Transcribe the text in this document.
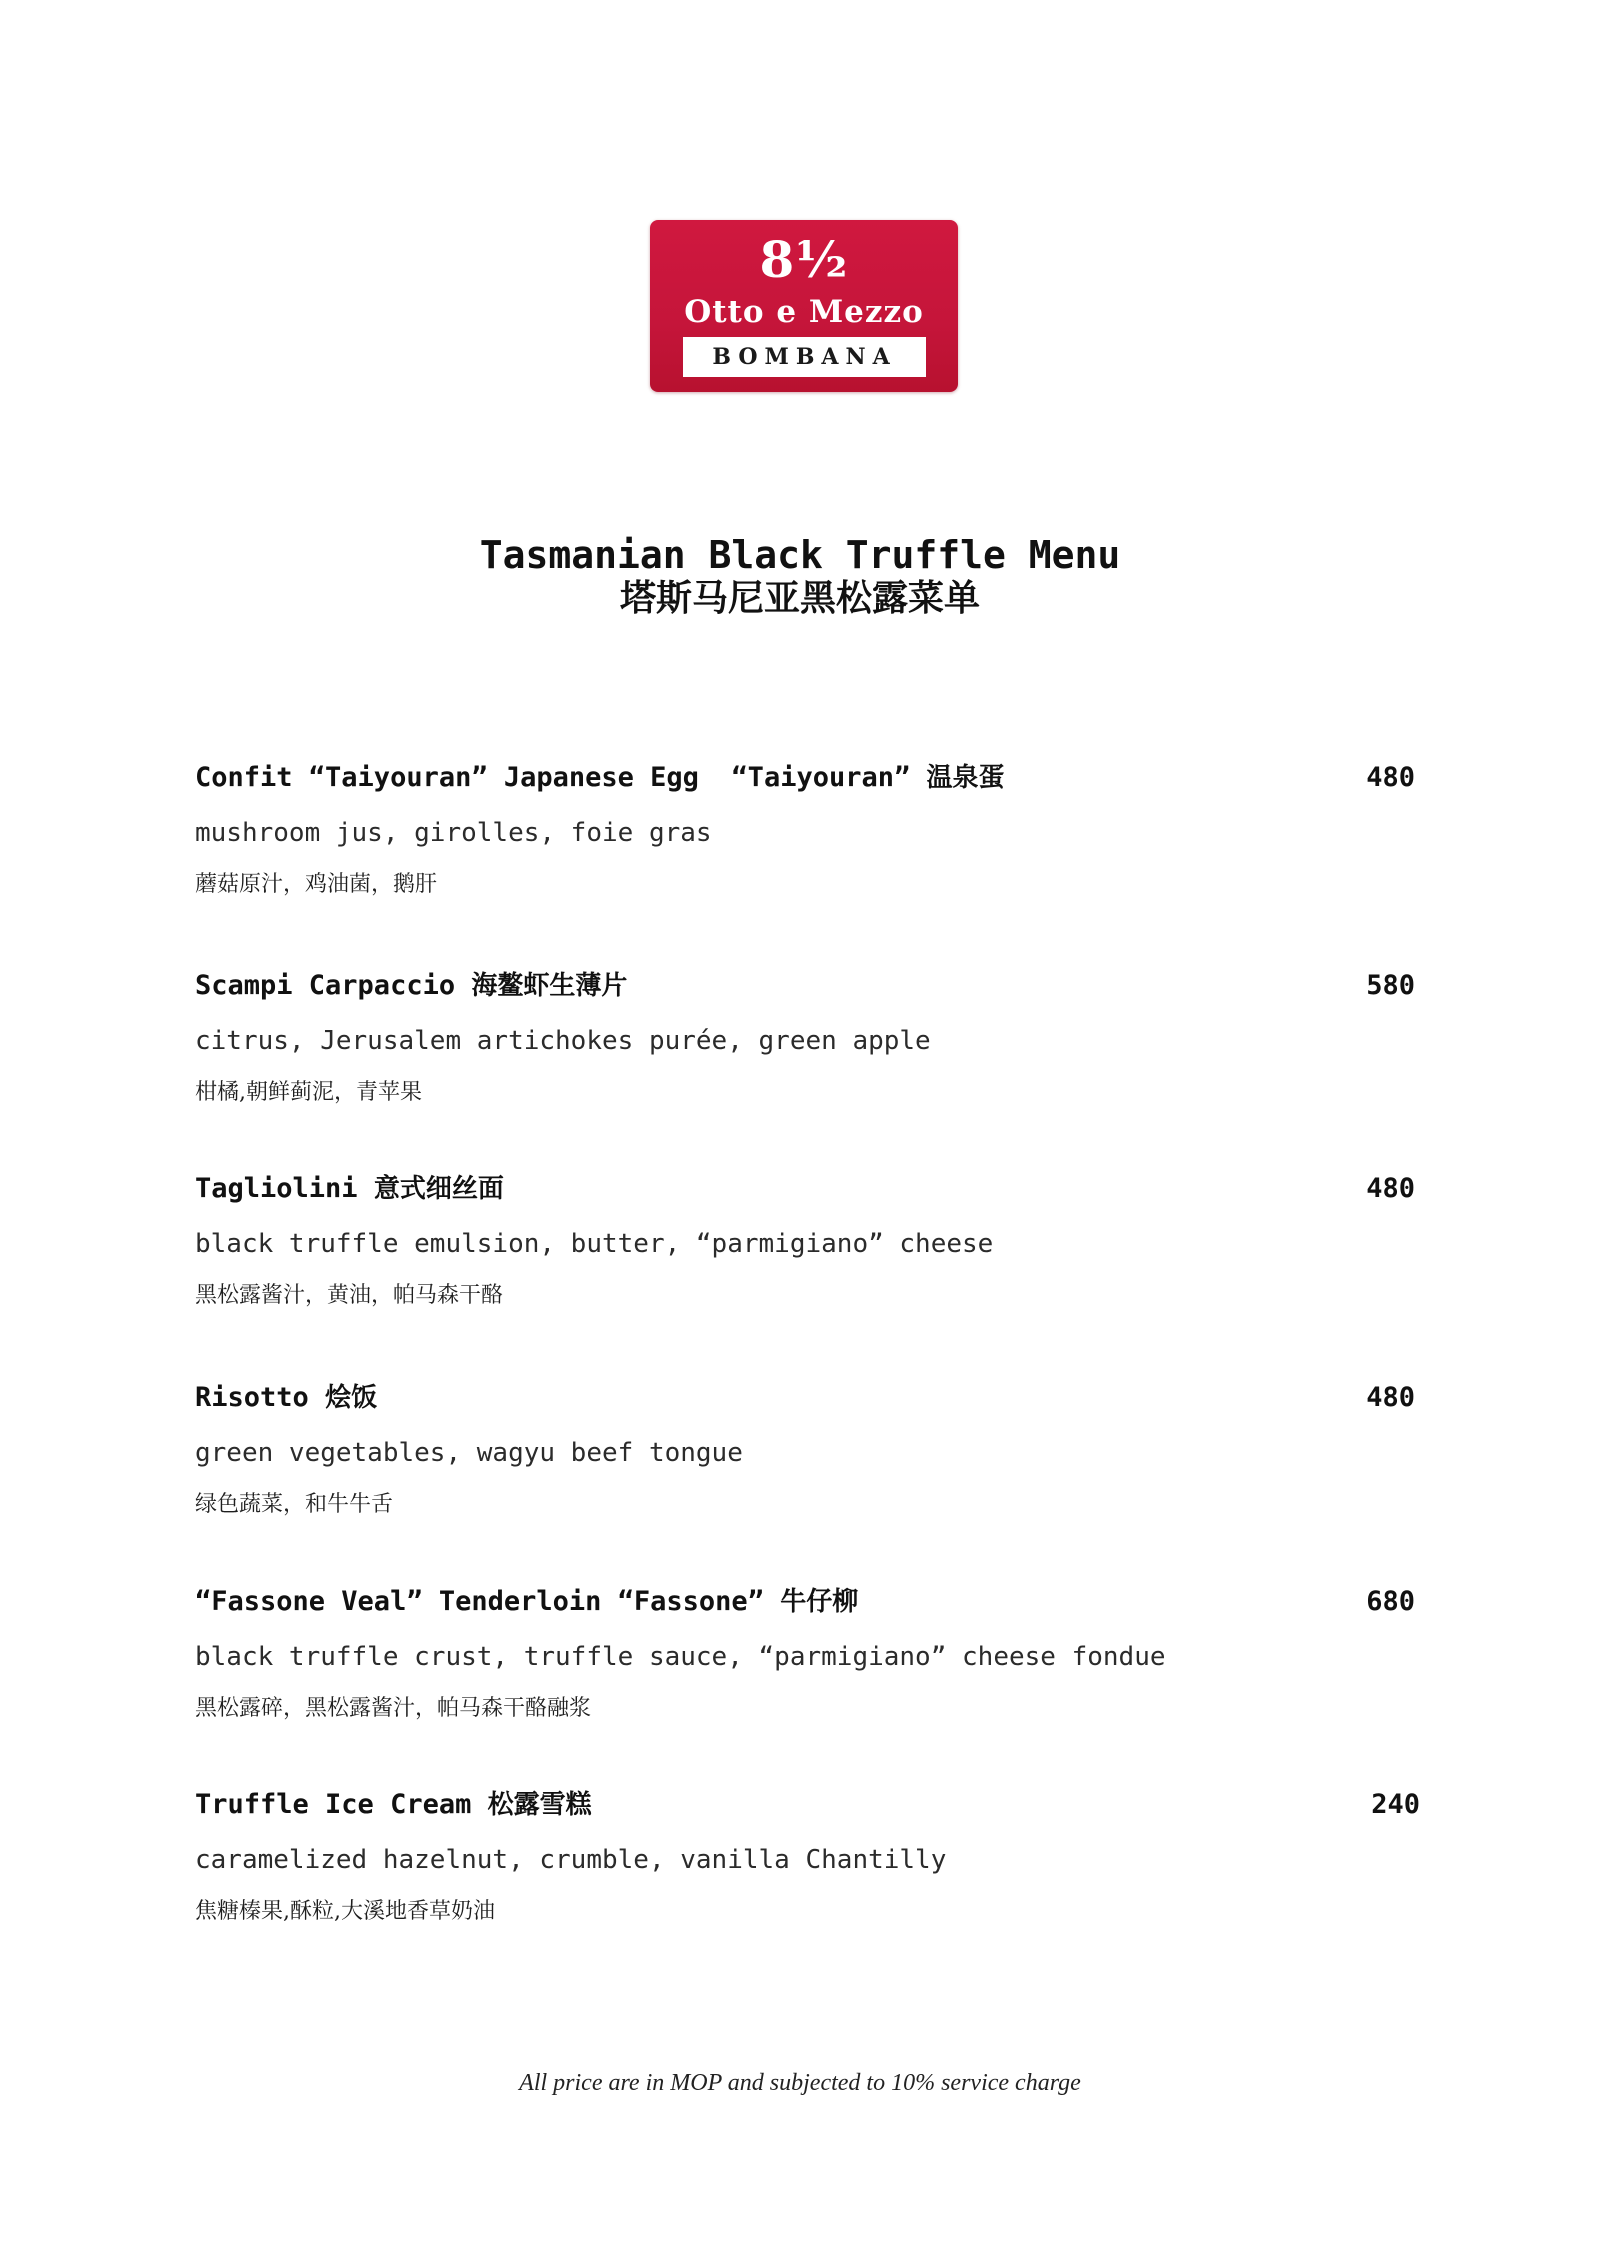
8½
Otto e Mezzo
BOMBANA
Tasmanian Black Truffle Menu
塔斯马尼亚黑松露菜单
Confit “Taiyouran” Japanese Egg  “Taiyouran” 温泉蛋	480
mushroom jus, girolles, foie gras
蘑菇原汁，鸡油菌，鹅肝
Scampi Carpaccio 海鳌虾生薄片	580
citrus, Jerusalem artichokes purée, green apple
柑橘,朝鲜蓟泥，青苹果
Tagliolini 意式细丝面	480
black truffle emulsion, butter, “parmigiano” cheese
黑松露酱汁，黄油，帕马森干酪
Risotto 烩饭	480
green vegetables, wagyu beef tongue
绿色蔬菜，和牛牛舌
“Fassone Veal” Tenderloin “Fassone” 牛仔柳	680
black truffle crust, truffle sauce, “parmigiano” cheese fondue
黑松露碎，黑松露酱汁，帕马森干酪融浆
Truffle Ice Cream 松露雪糕	240
caramelized hazelnut, crumble, vanilla Chantilly
焦糖榛果,酥粒,大溪地香草奶油
All price are in MOP and subjected to 10% service charge
